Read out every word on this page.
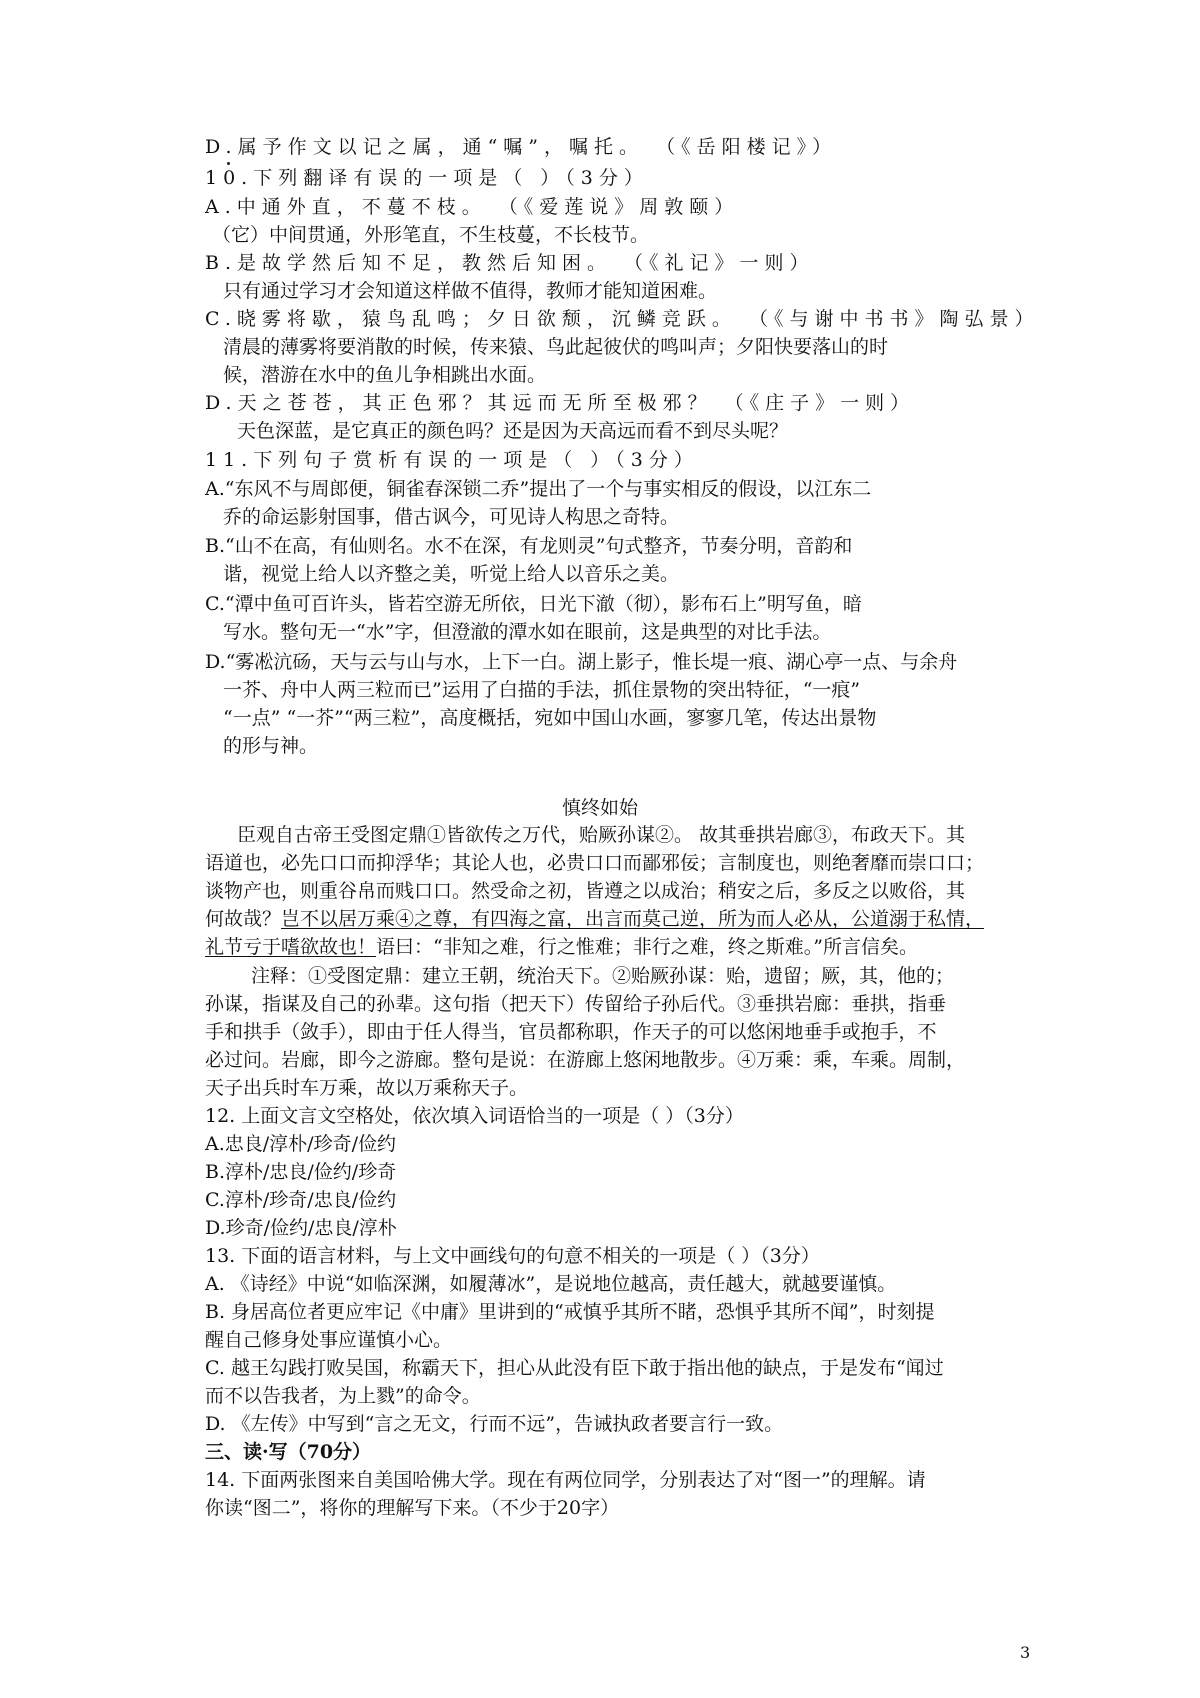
D.属予作文以记之属，通“嘱”，嘱托。 （《岳阳楼记》）
10.下列翻译有误的一项是（ ）（3分）
A.中通外直，不蔓不枝。 （《爱莲说》周敦颐）
（它）中间贯通，外形笔直，不生枝蔓，不长枝节。
B.是故学然后知不足，教然后知困。 （《礼记》一则）
只有通过学习才会知道这样做不值得，教师才能知道困难。
C.晓雾将歇，猿鸟乱鸣；夕日欲颓，沉鳞竞跃。 （《与谢中书书》陶弘景）
清晨的薄雾将要消散的时候，传来猿、鸟此起彼伏的鸣叫声；夕阳快要落山的时
候，潜游在水中的鱼儿争相跳出水面。
D.天之苍苍，其正色邪？其远而无所至极邪？ （《庄子》一则）
天色深蓝，是它真正的颜色吗？还是因为天高远而看不到尽头呢？
11.下列句子赏析有误的一项是（ ）（3分）
A.“东风不与周郎便，铜雀春深锁二乔”提出了一个与事实相反的假设，以江东二
乔的命运影射国事，借古讽今，可见诗人构思之奇特。
B.“山不在高，有仙则名。水不在深，有龙则灵”句式整齐，节奏分明，音韵和
谐，视觉上给人以齐整之美，听觉上给人以音乐之美。
C.“潭中鱼可百许头，皆若空游无所依，日光下澈（彻），影布石上”明写鱼，暗
写水。整句无一“水”字，但澄澈的潭水如在眼前，这是典型的对比手法。
D.“雾凇沆砀，天与云与山与水，上下一白。湖上影子，惟长堤一痕、湖心亭一点、与余舟
一芥、舟中人两三粒而已”运用了白描的手法，抓住景物的突出特征，“一痕”
“一点” “一芥”“两三粒”，高度概括，宛如中国山水画，寥寥几笔，传达出景物
的形与神。
慎终如始
臣观自古帝王受图定鼎①皆欲传之万代，贻厥孙谋②。 故其垂拱岩廊③，布政天下。其
语道也，必先口口而抑浮华；其论人也，必贵口口而鄙邪佞；言制度也，则绝奢靡而崇口口；
谈物产也，则重谷帛而贱口口。然受命之初，皆遵之以成治；稍安之后，多反之以败俗，其
何故哉？岂不以居万乘④之尊，有四海之富，出言而莫己逆，所为而人必从，公道溺于私情，
礼节亏于嗜欲故也！语曰：“非知之难，行之惟难；非行之难，终之斯难。”所言信矣。
注释：①受图定鼎：建立王朝，统治天下。②贻厥孙谋：贻，遗留；厥，其，他的；
孙谋，指谋及自己的孙辈。这句指（把天下）传留给子孙后代。③垂拱岩廊：垂拱，指垂
手和拱手（敛手），即由于任人得当，官员都称职，作天子的可以悠闲地垂手或抱手，不
必过问。岩廊，即今之游廊。整句是说：在游廊上悠闲地散步。④万乘：乘，车乘。周制，
天子出兵时车万乘，故以万乘称天子。
12. 上面文言文空格处，依次填入词语恰当的一项是（ ）（3分）
A.忠良/淳朴/珍奇/俭约
B.淳朴/忠良/俭约/珍奇
C.淳朴/珍奇/忠良/俭约
D.珍奇/俭约/忠良/淳朴
13. 下面的语言材料，与上文中画线句的句意不相关的一项是（ ）（3分）
A. 《诗经》中说“如临深渊，如履薄冰”，是说地位越高，责任越大，就越要谨慎。
B. 身居高位者更应牢记《中庸》里讲到的“戒慎乎其所不睹，恐惧乎其所不闻”，时刻提
醒自己修身处事应谨慎小心。
C. 越王勾践打败吴国，称霸天下，担心从此没有臣下敢于指出他的缺点，于是发布“闻过
而不以告我者，为上戮”的命令。
D. 《左传》中写到“言之无文，行而不远”，告诫执政者要言行一致。
三、读·写（70分）
14. 下面两张图来自美国哈佛大学。现在有两位同学，分别表达了对“图一”的理解。请
你读“图二”，将你的理解写下来。（不少于20字）
3
